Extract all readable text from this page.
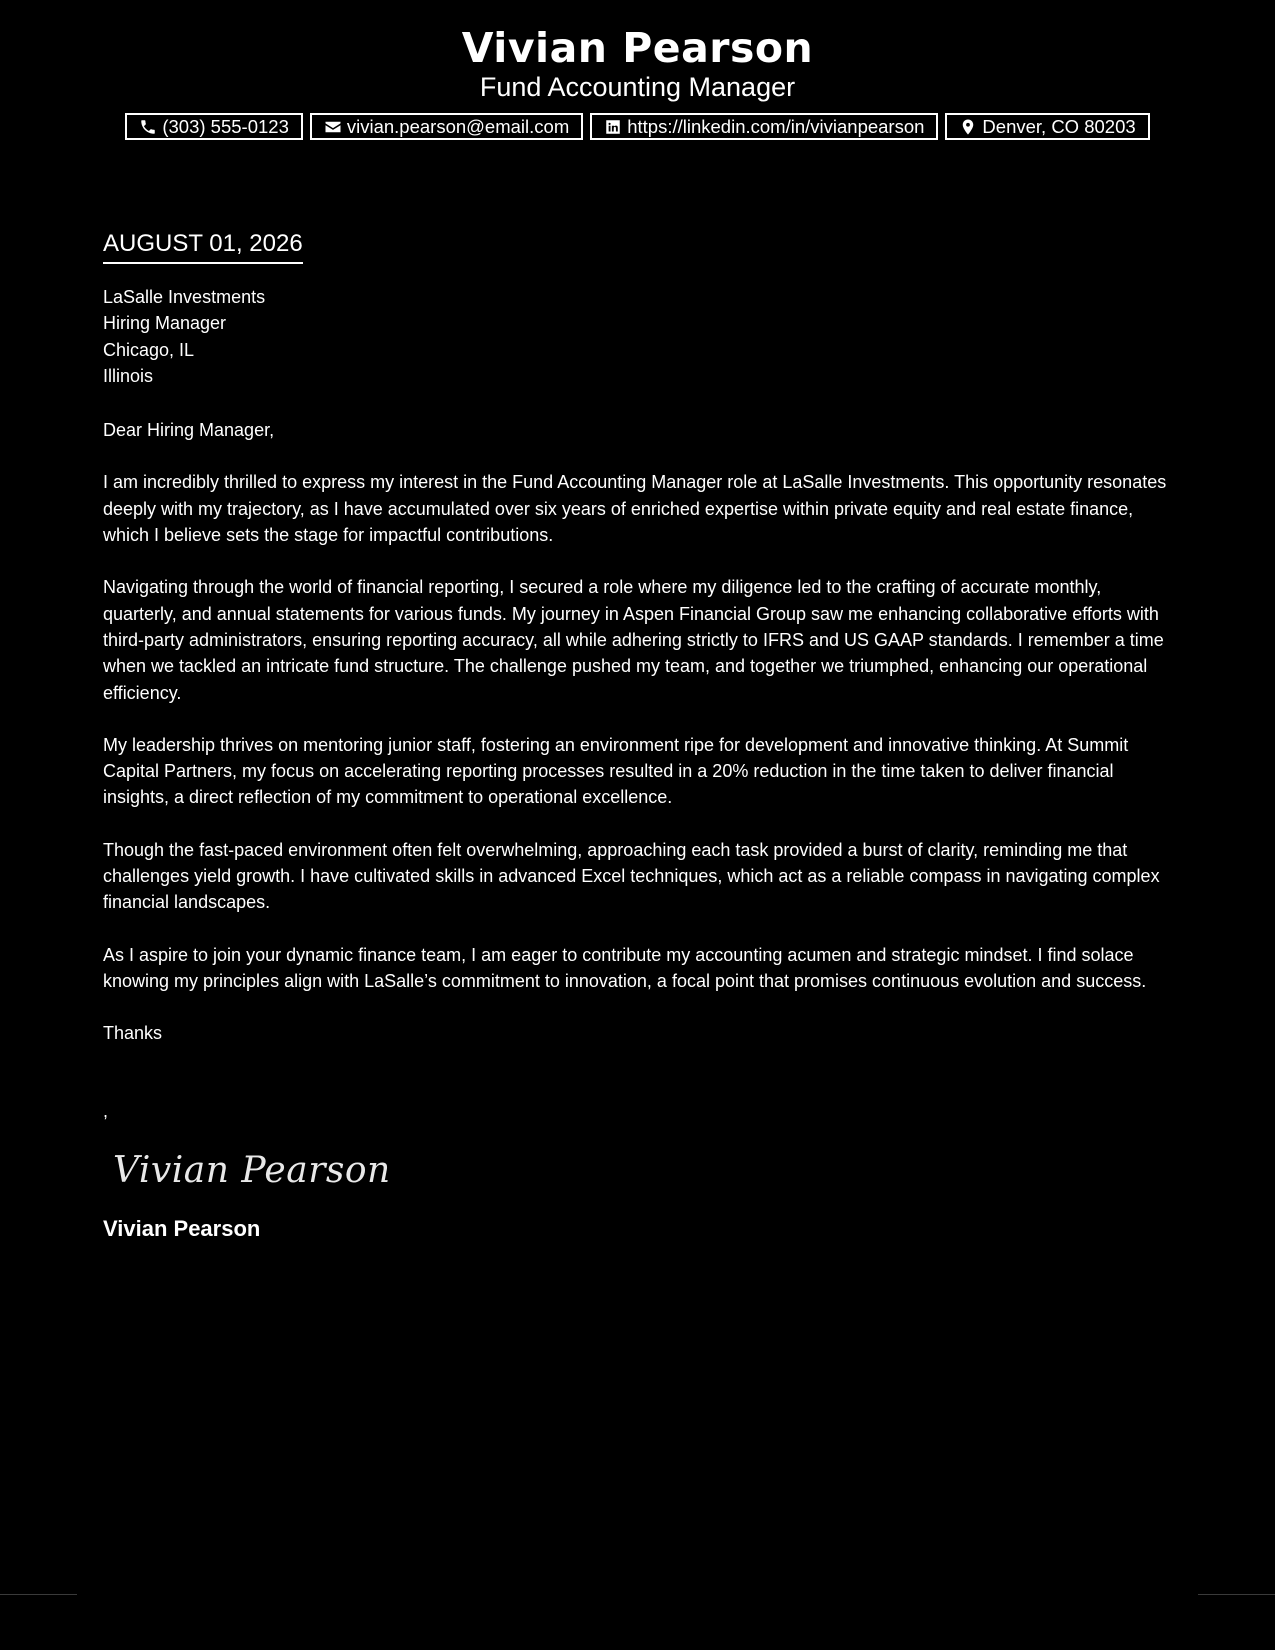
Vivian Pearson
Fund Accounting Manager
(303) 555-0123	vivian.pearson@email.com	https://linkedin.com/in/vivianpearson	Denver, CO 80203
AUGUST 01, 2026
LaSalle Investments
Hiring Manager
Chicago, IL
Illinois
Dear Hiring Manager,
I am incredibly thrilled to express my interest in the Fund Accounting Manager role at LaSalle Investments. This opportunity resonates deeply with my trajectory, as I have accumulated over six years of enriched expertise within private equity and real estate finance, which I believe sets the stage for impactful contributions.
Navigating through the world of financial reporting, I secured a role where my diligence led to the crafting of accurate monthly, quarterly, and annual statements for various funds. My journey in Aspen Financial Group saw me enhancing collaborative efforts with third-party administrators, ensuring reporting accuracy, all while adhering strictly to IFRS and US GAAP standards. I remember a time when we tackled an intricate fund structure. The challenge pushed my team, and together we triumphed, enhancing our operational efficiency.
My leadership thrives on mentoring junior staff, fostering an environment ripe for development and innovative thinking. At Summit Capital Partners, my focus on accelerating reporting processes resulted in a 20% reduction in the time taken to deliver financial insights, a direct reflection of my commitment to operational excellence.
Though the fast-paced environment often felt overwhelming, approaching each task provided a burst of clarity, reminding me that challenges yield growth. I have cultivated skills in advanced Excel techniques, which act as a reliable compass in navigating complex financial landscapes.
As I aspire to join your dynamic finance team, I am eager to contribute my accounting acumen and strategic mindset. I find solace knowing my principles align with LaSalle’s commitment to innovation, a focal point that promises continuous evolution and success.
Thanks
,
Vivian Pearson
Vivian Pearson
